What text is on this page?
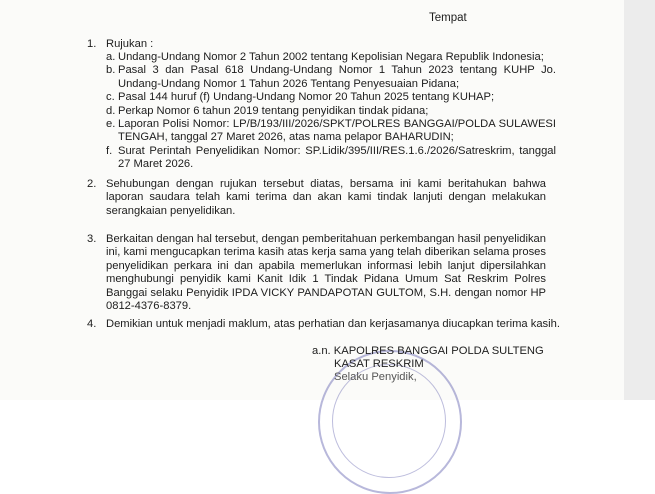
Tempat
1. Rujukan :
a. Undang-Undang Nomor 2 Tahun 2002 tentang Kepolisian Negara Republik Indonesia;
b. Pasal 3 dan Pasal 618 Undang-Undang Nomor 1 Tahun 2023 tentang KUHP Jo. Undang-Undang Nomor 1 Tahun 2026 Tentang Penyesuaian Pidana;
c. Pasal 144 huruf (f) Undang-Undang Nomor 20 Tahun 2025 tentang KUHAP;
d. Perkap Nomor 6 tahun 2019 tentang penyidikan tindak pidana;
e. Laporan Polisi Nomor: LP/B/193/III/2026/SPKT/POLRES BANGGAI/POLDA SULAWESI TENGAH, tanggal 27 Maret 2026, atas nama pelapor BAHARUDIN;
f. Surat Perintah Penyelidikan Nomor: SP.Lidik/395/III/RES.1.6./2026/Satreskrim, tanggal 27 Maret 2026.
2. Sehubungan dengan rujukan tersebut diatas, bersama ini kami beritahukan bahwa laporan saudara telah kami terima dan akan kami tindak lanjuti dengan melakukan serangkaian penyelidikan.
3. Berkaitan dengan hal tersebut, dengan pemberitahuan perkembangan hasil penyelidikan ini, kami mengucapkan terima kasih atas kerja sama yang telah diberikan selama proses penyelidikan perkara ini dan apabila memerlukan informasi lebih lanjut dipersilahkan menghubungi penyidik kami Kanit Idik 1 Tindak Pidana Umum Sat Reskrim Polres Banggai selaku Penyidik IPDA VICKY PANDAPOTAN GULTOM, S.H. dengan nomor HP 0812-4376-8379.
4. Demikian untuk menjadi maklum, atas perhatian dan kerjasamanya diucapkan terima kasih.
a.n. KAPOLRES BANGGAI POLDA SULTENG
KASAT RESKRIM
Selaku Penyidik,
